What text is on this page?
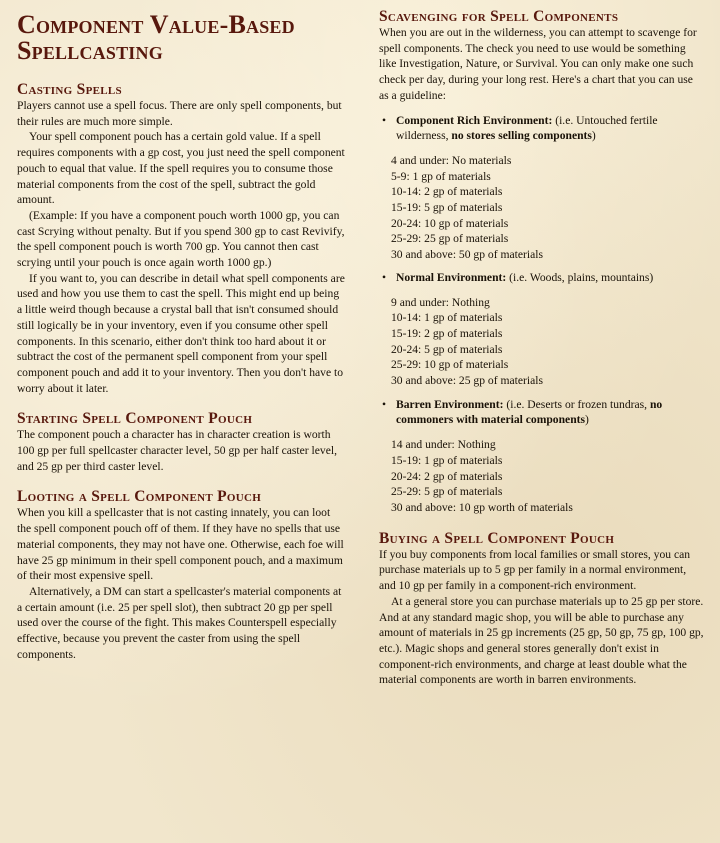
Component Value-Based
Spellcasting
Casting Spells

Players cannot use a spell focus. There are only spell components, but their rules are much more simple.

Your spell component pouch has a certain gold value. If a spell requires components with a gp cost, you just need the spell component pouch to equal that value. If the spell requires you to consume those material components from the cost of the spell, subtract the gold amount.

(Example: If you have a component pouch worth 1000 gp, you can cast Scrying without penalty. But if you spend 300 gp to cast Revivify, the spell component pouch is worth 700 gp. You cannot then cast scrying until your pouch is once again worth 1000 gp.)

If you want to, you can describe in detail what spell components are used and how you use them to cast the spell. This might end up being a little weird though because a crystal ball that isn't consumed should still logically be in your inventory, even if you consume other spell components. In this scenario, either don't think too hard about it or subtract the cost of the permanent spell component from your spell component pouch and add it to your inventory. Then you don't have to worry about it later.

Starting Spell Component Pouch

The component pouch a character has in character creation is worth 100 gp per full spellcaster character level, 50 gp per half caster level, and 25 gp per third caster level.

Looting a Spell Component Pouch

When you kill a spellcaster that is not casting innately, you can loot the spell component pouch off of them. If they have no spells that use material components, they may not have one. Otherwise, each foe will have 25 gp minimum in their spell component pouch, and a maximum of their most expensive spell.

Alternatively, a DM can start a spellcaster's material components at a certain amount (i.e. 25 per spell slot), then subtract 20 gp per spell used over the course of the fight. This makes Counterspell especially effective, because you prevent the caster from using the spell components.

Scavenging for Spell Components

When you are out in the wilderness, you can attempt to scavenge for spell components. The check you need to use would be something like Investigation, Nature, or Survival. You can only make one such check per day, during your long rest. Here's a chart that you can use as a guideline:

• Component Rich Environment: (i.e. Untouched fertile wilderness, no stores selling components)
4 and under: No materials
5-9: 1 gp of materials
10-14: 2 gp of materials
15-19: 5 gp of materials
20-24: 10 gp of materials
25-29: 25 gp of materials
30 and above: 50 gp of materials
• Normal Environment: (i.e. Woods, plains, mountains)
9 and under: Nothing
10-14: 1 gp of materials
15-19: 2 gp of materials
20-24: 5 gp of materials
25-29: 10 gp of materials
30 and above: 25 gp of materials
• Barren Environment: (i.e. Deserts or frozen tundras, no commoners with material components)
14 and under: Nothing
15-19: 1 gp of materials
20-24: 2 gp of materials
25-29: 5 gp of materials
30 and above: 10 gp worth of materials
Buying a Spell Component Pouch

If you buy components from local families or small stores, you can purchase materials up to 5 gp per family in a normal environment, and 10 gp per family in a component-rich environment.

At a general store you can purchase materials up to 25 gp per store. And at any standard magic shop, you will be able to purchase any amount of materials in 25 gp increments (25 gp, 50 gp, 75 gp, 100 gp, etc.). Magic shops and general stores generally don't exist in component-rich environments, and charge at least double what the material components are worth in barren environments.
